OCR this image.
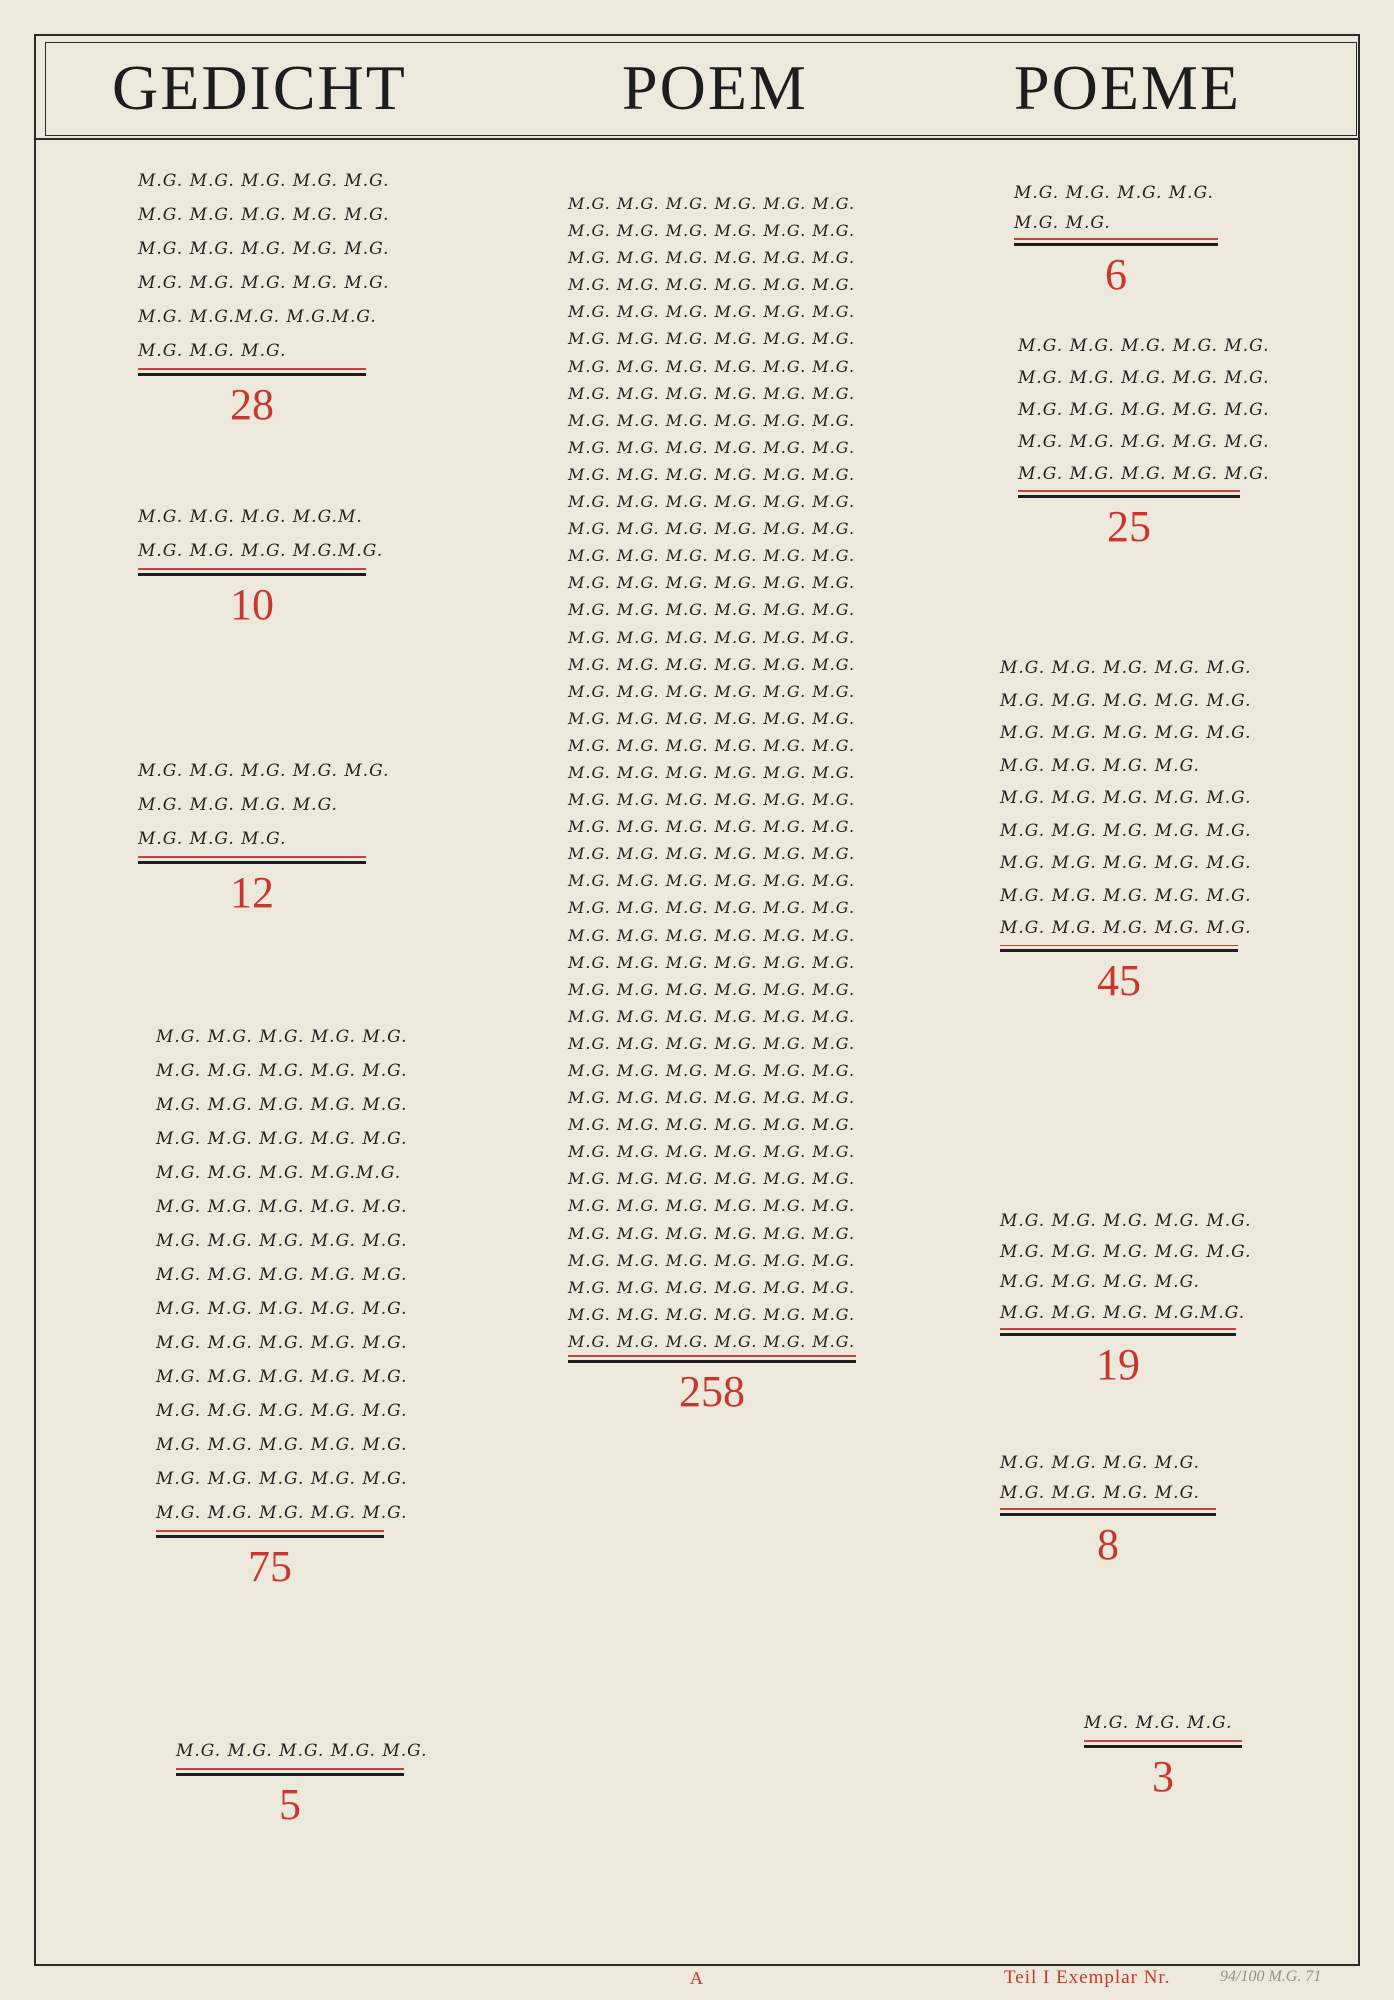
GEDICHT	POEM	POEME
M.G. M.G. M.G. M.G. M.G.
M.G. M.G. M.G. M.G. M.G.
M.G. M.G. M.G. M.G. M.G.
M.G. M.G. M.G. M.G. M.G.
M.G. M.G.M.G. M.G.M.G.
M.G. M.G. M.G.
28
M.G. M.G. M.G. M.G.M.
M.G. M.G. M.G. M.G.M.G.
10
M.G. M.G. M.G. M.G. M.G.
M.G. M.G. M.G. M.G.
M.G. M.G. M.G.
12
M.G. M.G. M.G. M.G. M.G.
M.G. M.G. M.G. M.G. M.G.
M.G. M.G. M.G. M.G. M.G.
M.G. M.G. M.G. M.G. M.G.
M.G. M.G. M.G. M.G.M.G.
M.G. M.G. M.G. M.G. M.G.
M.G. M.G. M.G. M.G. M.G.
M.G. M.G. M.G. M.G. M.G.
M.G. M.G. M.G. M.G. M.G.
M.G. M.G. M.G. M.G. M.G.
M.G. M.G. M.G. M.G. M.G.
M.G. M.G. M.G. M.G. M.G.
M.G. M.G. M.G. M.G. M.G.
M.G. M.G. M.G. M.G. M.G.
M.G. M.G. M.G. M.G. M.G.
75
M.G. M.G. M.G. M.G. M.G.
5
M.G. M.G. M.G. M.G. M.G. M.G.
M.G. M.G. M.G. M.G. M.G. M.G.
M.G. M.G. M.G. M.G. M.G. M.G.
M.G. M.G. M.G. M.G. M.G. M.G.
M.G. M.G. M.G. M.G. M.G. M.G.
M.G. M.G. M.G. M.G. M.G. M.G.
M.G. M.G. M.G. M.G. M.G. M.G.
M.G. M.G. M.G. M.G. M.G. M.G.
M.G. M.G. M.G. M.G. M.G. M.G.
M.G. M.G. M.G. M.G. M.G. M.G.
M.G. M.G. M.G. M.G. M.G. M.G.
M.G. M.G. M.G. M.G. M.G. M.G.
M.G. M.G. M.G. M.G. M.G. M.G.
M.G. M.G. M.G. M.G. M.G. M.G.
M.G. M.G. M.G. M.G. M.G. M.G.
M.G. M.G. M.G. M.G. M.G. M.G.
M.G. M.G. M.G. M.G. M.G. M.G.
M.G. M.G. M.G. M.G. M.G. M.G.
M.G. M.G. M.G. M.G. M.G. M.G.
M.G. M.G. M.G. M.G. M.G. M.G.
M.G. M.G. M.G. M.G. M.G. M.G.
M.G. M.G. M.G. M.G. M.G. M.G.
M.G. M.G. M.G. M.G. M.G. M.G.
M.G. M.G. M.G. M.G. M.G. M.G.
M.G. M.G. M.G. M.G. M.G. M.G.
M.G. M.G. M.G. M.G. M.G. M.G.
M.G. M.G. M.G. M.G. M.G. M.G.
M.G. M.G. M.G. M.G. M.G. M.G.
M.G. M.G. M.G. M.G. M.G. M.G.
M.G. M.G. M.G. M.G. M.G. M.G.
M.G. M.G. M.G. M.G. M.G. M.G.
M.G. M.G. M.G. M.G. M.G. M.G.
M.G. M.G. M.G. M.G. M.G. M.G.
M.G. M.G. M.G. M.G. M.G. M.G.
M.G. M.G. M.G. M.G. M.G. M.G.
M.G. M.G. M.G. M.G. M.G. M.G.
M.G. M.G. M.G. M.G. M.G. M.G.
M.G. M.G. M.G. M.G. M.G. M.G.
M.G. M.G. M.G. M.G. M.G. M.G.
M.G. M.G. M.G. M.G. M.G. M.G.
M.G. M.G. M.G. M.G. M.G. M.G.
M.G. M.G. M.G. M.G. M.G. M.G.
M.G. M.G. M.G. M.G. M.G. M.G.
258
M.G. M.G. M.G. M.G.
M.G. M.G.
6
M.G. M.G. M.G. M.G. M.G.
M.G. M.G. M.G. M.G. M.G.
M.G. M.G. M.G. M.G. M.G.
M.G. M.G. M.G. M.G. M.G.
M.G. M.G. M.G. M.G. M.G.
25
M.G. M.G. M.G. M.G. M.G.
M.G. M.G. M.G. M.G. M.G.
M.G. M.G. M.G. M.G. M.G.
M.G. M.G. M.G. M.G.
M.G. M.G. M.G. M.G. M.G.
M.G. M.G. M.G. M.G. M.G.
M.G. M.G. M.G. M.G. M.G.
M.G. M.G. M.G. M.G. M.G.
M.G. M.G. M.G. M.G. M.G.
45
M.G. M.G. M.G. M.G. M.G.
M.G. M.G. M.G. M.G. M.G.
M.G. M.G. M.G. M.G.
M.G. M.G. M.G. M.G.M.G.
19
M.G. M.G. M.G. M.G.
M.G. M.G. M.G. M.G.
8
M.G. M.G. M.G.
3
A	Teil I Exemplar Nr.	94/100 M.G. 71
